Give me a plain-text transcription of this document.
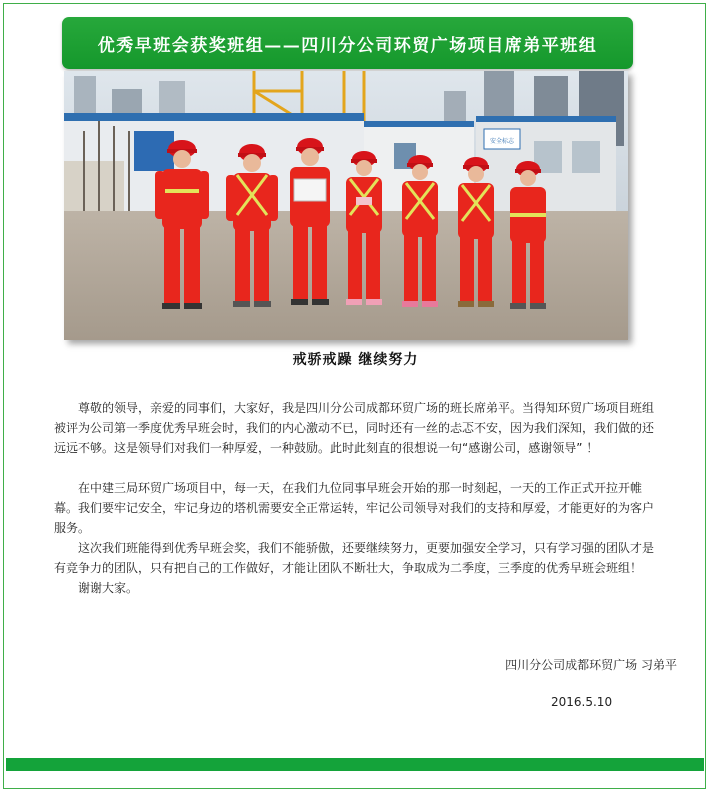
优秀早班会获奖班组——四川分公司环贸广场项目席弟平班组
安全标志
戒骄戒躁 继续努力

尊敬的领导，亲爱的同事们，大家好，我是四川分公司成都环贸广场的班长席弟平。当得知环贸广场项目班组被评为公司第一季度优秀早班会时，我们的内心激动不已，同时还有一丝的忐忑不安，因为我们深知，我们做的还远远不够。这是领导们对我们一种厚爱，一种鼓励。此时此刻直的很想说一句“感谢公司，感谢领导” ！

在中建三局环贸广场项目中，每一天，在我们九位同事早班会开始的那一时刻起，一天的工作正式开拉开帷幕。我们要牢记安全，牢记身边的塔机需要安全正常运转，牢记公司领导对我们的支持和厚爱，才能更好的为客户服务。

这次我们班能得到优秀早班会奖，我们不能骄傲，还要继续努力，更要加强安全学习，只有学习强的团队才是有竞争力的团队，只有把自己的工作做好，才能让团队不断壮大，争取成为二季度，三季度的优秀早班会班组！

谢谢大家。

四川分公司成都环贸广场 习弟平
2016.5.10
